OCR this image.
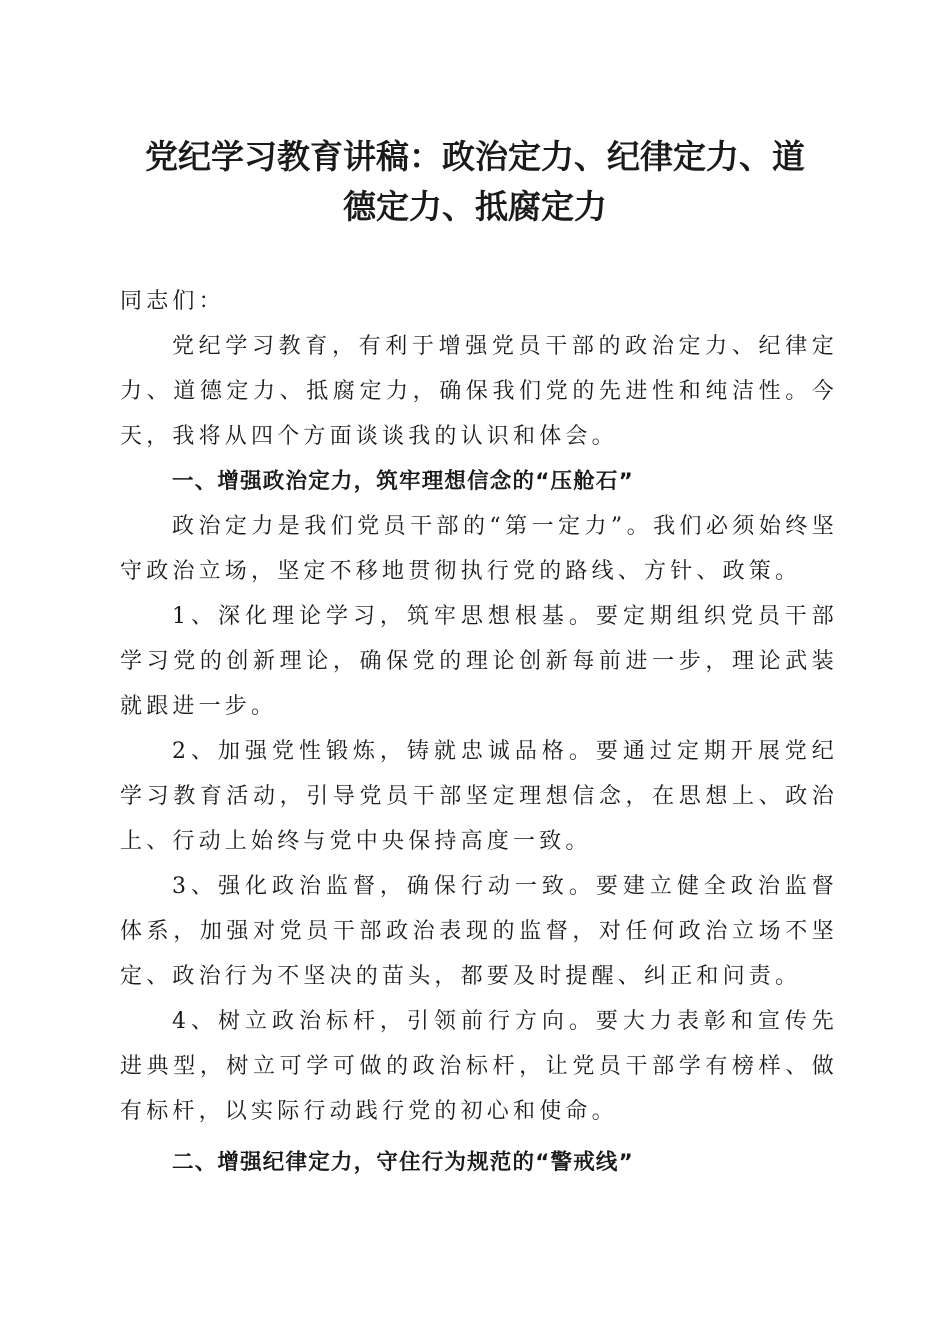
党纪学习教育讲稿：政治定力、纪律定力、道
德定力、抵腐定力

同志们：

党纪学习教育，有利于增强党员干部的政治定力、纪律定力、道德定力、抵腐定力，确保我们党的先进性和纯洁性。今天，我将从四个方面谈谈我的认识和体会。

一、增强政治定力，筑牢理想信念的“压舱石”

政治定力是我们党员干部的“第一定力”。我们必须始终坚守政治立场，坚定不移地贯彻执行党的路线、方针、政策。

1、深化理论学习，筑牢思想根基。要定期组织党员干部学习党的创新理论，确保党的理论创新每前进一步，理论武装就跟进一步。

2、加强党性锻炼，铸就忠诚品格。要通过定期开展党纪学习教育活动，引导党员干部坚定理想信念，在思想上、政治上、行动上始终与党中央保持高度一致。

3、强化政治监督，确保行动一致。要建立健全政治监督体系，加强对党员干部政治表现的监督，对任何政治立场不坚定、政治行为不坚决的苗头，都要及时提醒、纠正和问责。

4、树立政治标杆，引领前行方向。要大力表彰和宣传先进典型，树立可学可做的政治标杆，让党员干部学有榜样、做有标杆，以实际行动践行党的初心和使命。

二、增强纪律定力，守住行为规范的“警戒线”
